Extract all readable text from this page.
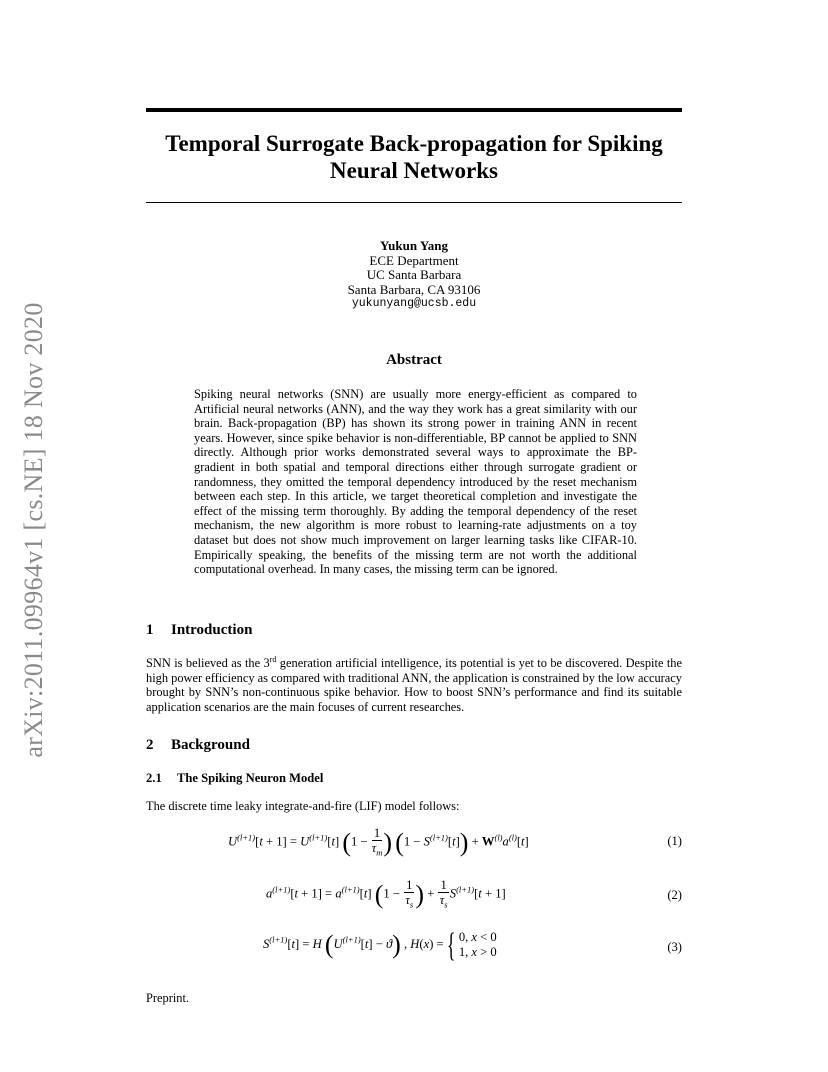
arXiv:2011.09964v1 [cs.NE] 18 Nov 2020
Temporal Surrogate Back-propagation for Spiking Neural Networks
Yukun Yang
ECE Department
UC Santa Barbara
Santa Barbara, CA 93106
yukunyang@ucsb.edu
Abstract
Spiking neural networks (SNN) are usually more energy-efficient as compared to Artificial neural networks (ANN), and the way they work has a great similarity with our brain. Back-propagation (BP) has shown its strong power in training ANN in recent years. However, since spike behavior is non-differentiable, BP cannot be applied to SNN directly. Although prior works demonstrated several ways to approximate the BP-gradient in both spatial and temporal directions either through surrogate gradient or randomness, they omitted the temporal dependency introduced by the reset mechanism between each step. In this article, we target theoretical completion and investigate the effect of the missing term thoroughly. By adding the temporal dependency of the reset mechanism, the new algorithm is more robust to learning-rate adjustments on a toy dataset but does not show much improvement on larger learning tasks like CIFAR-10. Empirically speaking, the benefits of the missing term are not worth the additional computational overhead. In many cases, the missing term can be ignored.
1 Introduction
SNN is believed as the 3rd generation artificial intelligence, its potential is yet to be discovered. Despite the high power efficiency as compared with traditional ANN, the application is constrained by the low accuracy brought by SNN’s non-continuous spike behavior. How to boost SNN’s performance and find its suitable application scenarios are the main focuses of current researches.
2 Background
2.1 The Spiking Neuron Model
The discrete time leaky integrate-and-fire (LIF) model follows:
$U^{(l+1)}[t + 1] = U^{(l+1)}[t] (1 - \frac{1}{\tau_m}$ ) $(1 - S^{(l+1)}[t]) + W^{(l)}a^{(l)}[t]$	(1)
$a^{(l+1)}[t + 1] = a^{(l+1)}[t] (1 - \frac{1}{\tau_s}$ ) + $\frac{1}{\tau_s} S^{(l+1)}[t + 1]$	(2)
$S^{(l+1)}[t] = H$ $(U^{(l+1)}[t] - ϑ)$ , H(x) =
{ 0, x < 0
1, x > 0	(3)
Preprint.
